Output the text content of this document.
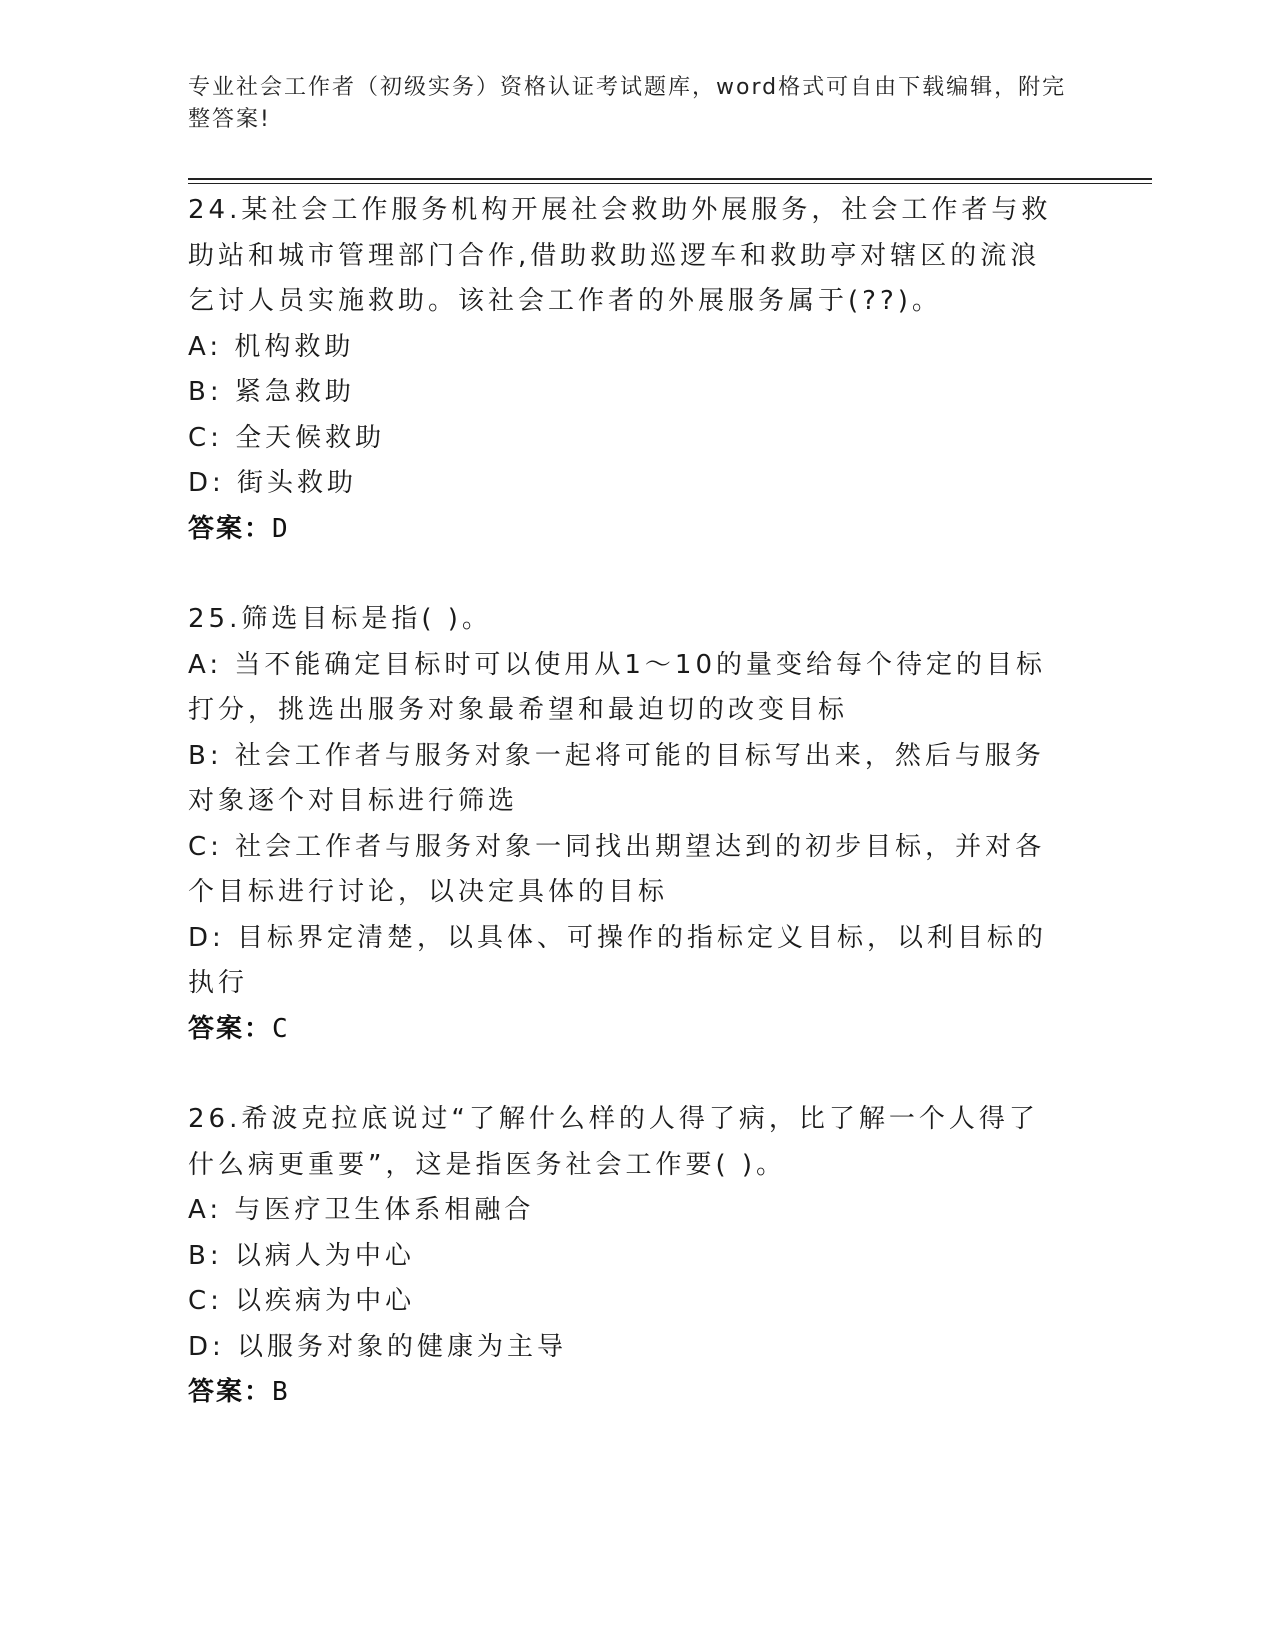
专业社会工作者（初级实务）资格认证考试题库，word格式可自由下载编辑，附完整答案!
24.某社会工作服务机构开展社会救助外展服务，社会工作者与救助站和城市管理部门合作,借助救助巡逻车和救助亭对辖区的流浪乞讨人员实施救助。该社会工作者的外展服务属于(??)。
A: 机构救助
B: 紧急救助
C: 全天候救助
D: 街头救助
答案：D
25.筛选目标是指( )。
A: 当不能确定目标时可以使用从1～10的量变给每个待定的目标打分，挑选出服务对象最希望和最迫切的改变目标
B: 社会工作者与服务对象一起将可能的目标写出来，然后与服务对象逐个对目标进行筛选
C: 社会工作者与服务对象一同找出期望达到的初步目标，并对各个目标进行讨论，以决定具体的目标
D: 目标界定清楚，以具体、可操作的指标定义目标，以利目标的执行
答案：C
26.希波克拉底说过“了解什么样的人得了病，比了解一个人得了什么病更重要”，这是指医务社会工作要( )。
A: 与医疗卫生体系相融合
B: 以病人为中心
C: 以疾病为中心
D: 以服务对象的健康为主导
答案：B
